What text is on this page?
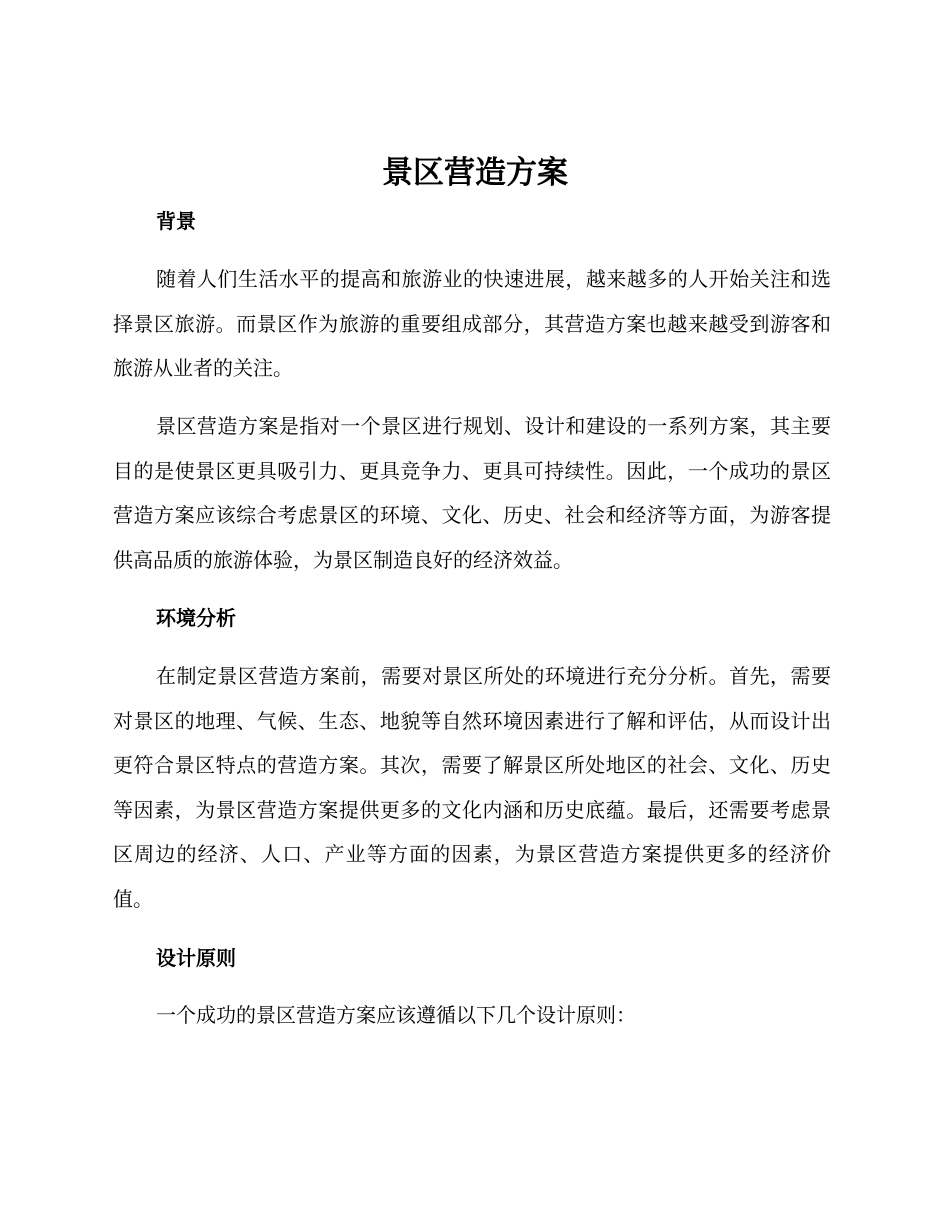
景区营造方案
背景

随着人们生活水平的提高和旅游业的快速进展，越来越多的人开始关注和选择景区旅游。而景区作为旅游的重要组成部分，其营造方案也越来越受到游客和旅游从业者的关注。

景区营造方案是指对一个景区进行规划、设计和建设的一系列方案，其主要目的是使景区更具吸引力、更具竞争力、更具可持续性。因此，一个成功的景区营造方案应该综合考虑景区的环境、文化、历史、社会和经济等方面，为游客提供高品质的旅游体验，为景区制造良好的经济效益。

环境分析

在制定景区营造方案前，需要对景区所处的环境进行充分分析。首先，需要对景区的地理、气候、生态、地貌等自然环境因素进行了解和评估，从而设计出更符合景区特点的营造方案。其次，需要了解景区所处地区的社会、文化、历史等因素，为景区营造方案提供更多的文化内涵和历史底蕴。最后，还需要考虑景区周边的经济、人口、产业等方面的因素，为景区营造方案提供更多的经济价值。

设计原则

一个成功的景区营造方案应该遵循以下几个设计原则：
